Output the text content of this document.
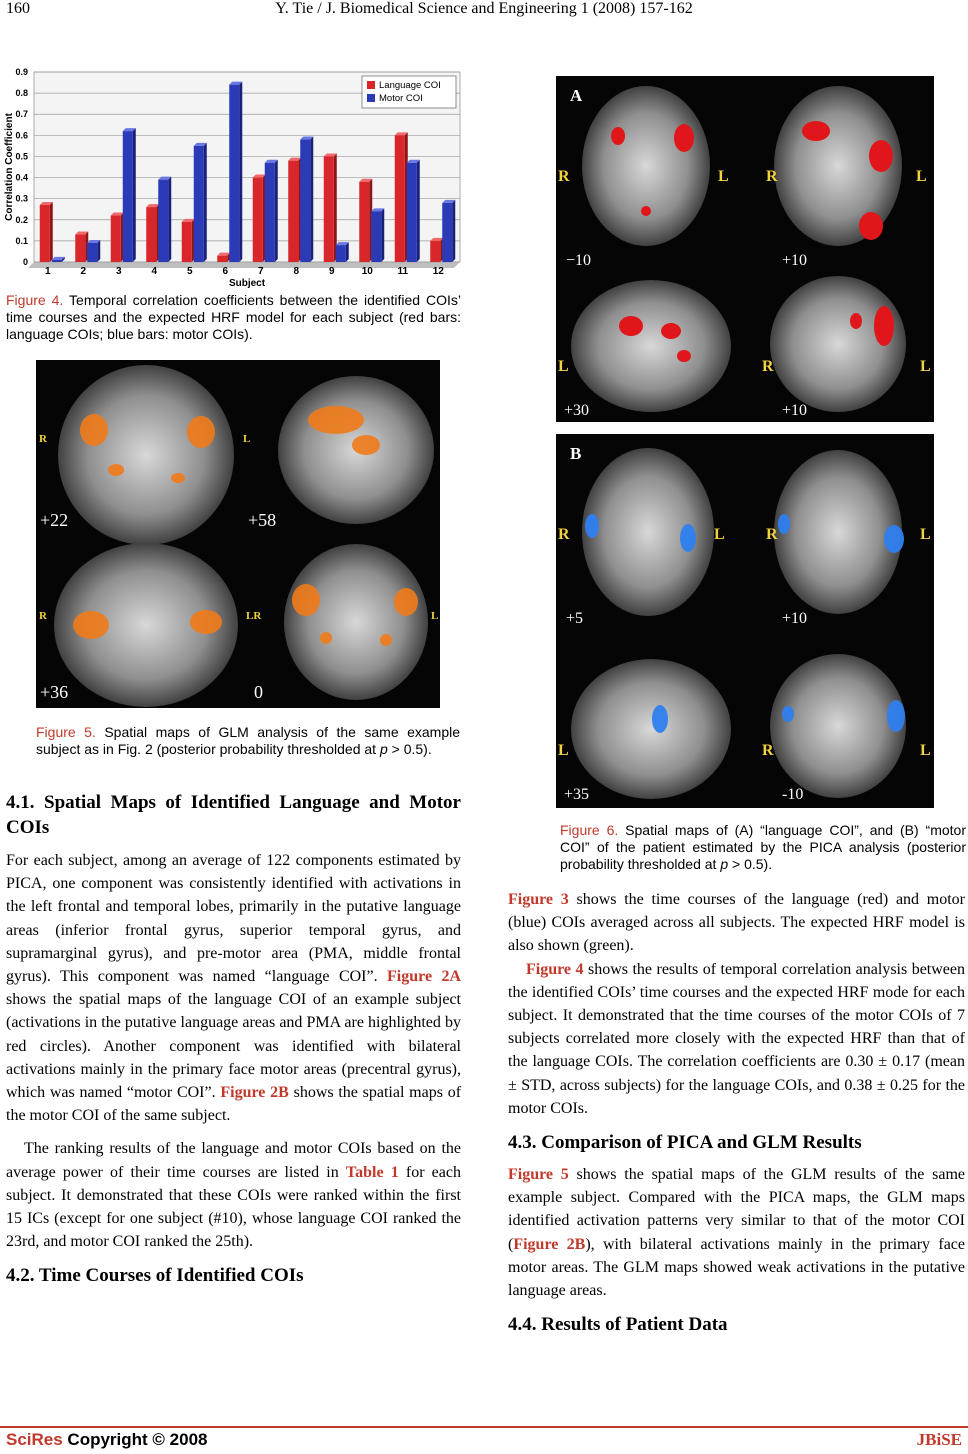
160	Y. Tie / J. Biomedical Science and Engineering 1 (2008) 157-162
0
0.1
0.2
0.3
0.4
0.5
0.6
0.7
0.8
0.9
1	2	3	4	5	6	7	8	9	10 11 12
Subject
Correlation Coefficient
Language COI
Motor COI
Figure 4. Temporal correlation coefficients between the identified COIs’ time courses and the expected HRF model for each subject (red bars: language COIs; blue bars: motor COIs).
R	L
+22	+58
R	LR	L
+36	0
Figure 5. Spatial maps of GLM analysis of the same example subject as in Fig. 2 (posterior probability thresholded at p > 0.5).
4.1. Spatial Maps of Identified Language and Motor COIs

For each subject, among an average of 122 components estimated by PICA, one component was consistently identified with activations in the left frontal and temporal lobes, primarily in the putative language areas (inferior frontal gyrus, superior temporal gyrus, and supramarginal gyrus), and pre-motor area (PMA, middle frontal gyrus). This component was named “language COI”. Figure 2A shows the spatial maps of the language COI of an example subject (activations in the putative language areas and PMA are highlighted by red circles). Another component was identified with bilateral activations mainly in the primary face motor areas (precentral gyrus), which was named “motor COI”. Figure 2B shows the spatial maps of the motor COI of the same subject.

The ranking results of the language and motor COIs based on the average power of their time courses are listed in Table 1 for each subject. It demonstrated that these COIs were ranked within the first 15 ICs (except for one subject (#10), whose language COI ranked the 23rd, and motor COI ranked the 25th).

4.2. Time Courses of Identified COIs
A
R	L R	L
−10	+10
L	R	L
+30	+10
B
R	L	R	L
+5	+10
L	R	L
+35	-10
Figure 6. Spatial maps of (A) “language COI”, and (B) “motor COI” of the patient estimated by the PICA analysis (posterior probability thresholded at p > 0.5).

Figure 3 shows the time courses of the language (red) and motor (blue) COIs averaged across all subjects. The expected HRF model is also shown (green).

Figure 4 shows the results of temporal correlation analysis between the identified COIs’ time courses and the expected HRF mode for each subject. It demonstrated that the time courses of the motor COIs of 7 subjects correlated more closely with the expected HRF than that of the language COIs. The correlation coefficients are 0.30 ± 0.17 (mean ± STD, across subjects) for the language COIs, and 0.38 ± 0.25 for the motor COIs.

4.3. Comparison of PICA and GLM Results

Figure 5 shows the spatial maps of the GLM results of the same example subject. Compared with the PICA maps, the GLM maps identified activation patterns very similar to that of the motor COI (Figure 2B), with bilateral activations mainly in the primary face motor areas. The GLM maps showed weak activations in the putative language areas.

4.4. Results of Patient Data
SciRes Copyright © 2008	JBiSE
